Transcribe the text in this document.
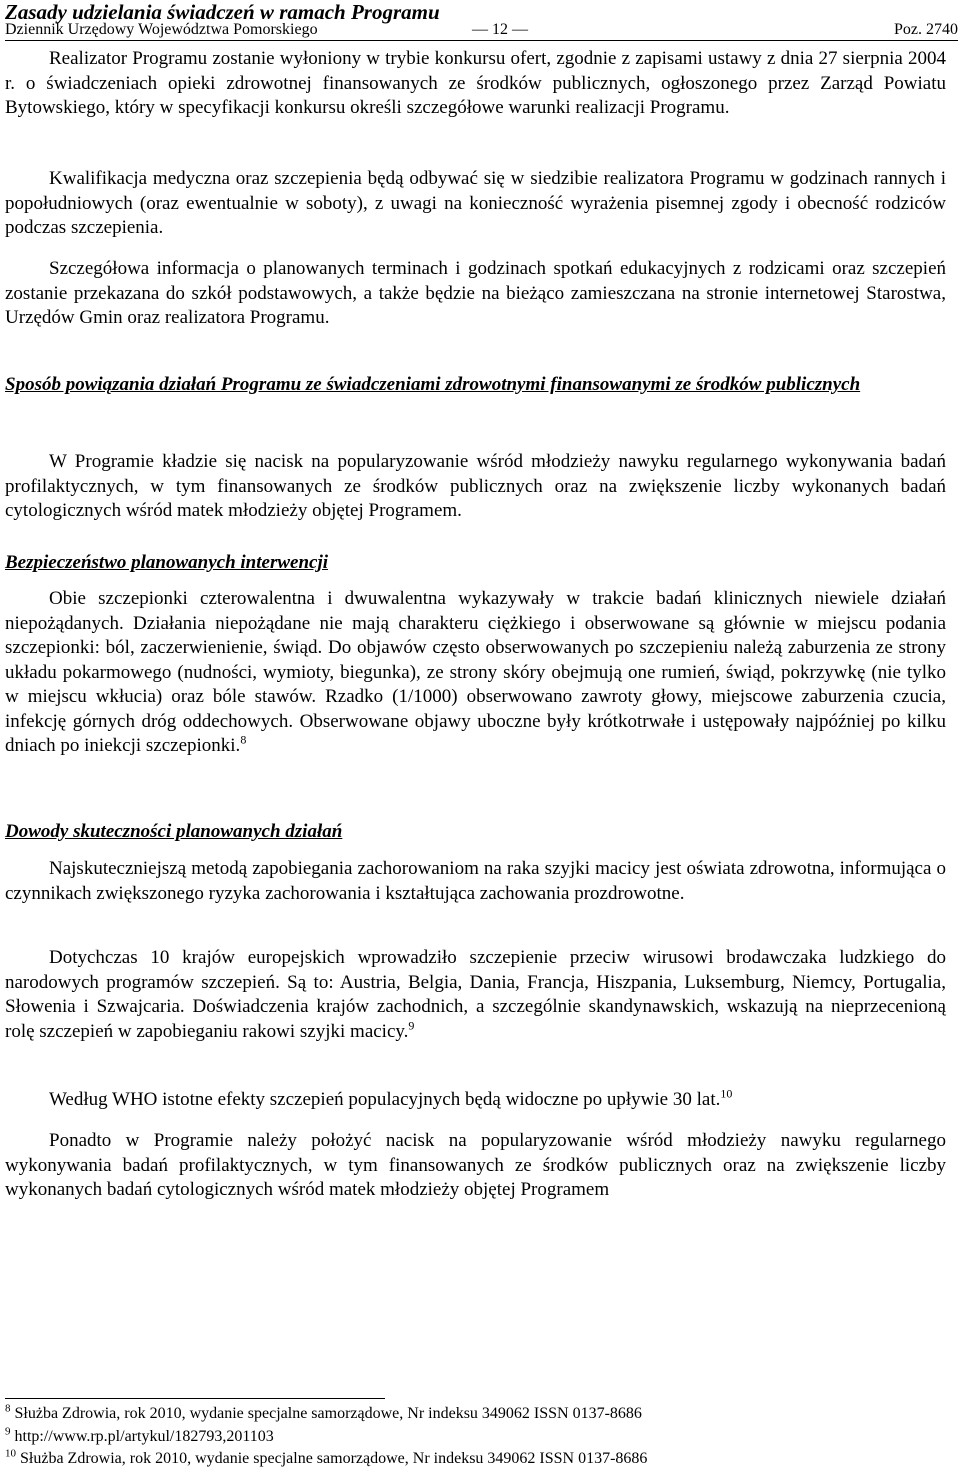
Zasady udzielania świadczeń w ramach Programu
Dziennik Urzędowy Województwa Pomorskiego	— 12 —	Poz. 2740

Realizator Programu zostanie wyłoniony w trybie konkursu ofert, zgodnie z zapisami ustawy z dnia 27 sierpnia 2004 r. o świadczeniach opieki zdrowotnej finansowanych ze środków publicznych, ogłoszonego przez Zarząd Powiatu Bytowskiego, który w specyfikacji konkursu określi szczegółowe warunki realizacji Programu.

Kwalifikacja medyczna oraz szczepienia będą odbywać się w siedzibie realizatora Programu w godzinach rannych i popołudniowych (oraz ewentualnie w soboty), z uwagi na konieczność wyrażenia pisemnej zgody i obecność rodziców podczas szczepienia.

Szczegółowa informacja o planowanych terminach i godzinach spotkań edukacyjnych z rodzicami oraz szczepień zostanie przekazana do szkół podstawowych, a także będzie na bieżąco zamieszczana na stronie internetowej Starostwa, Urzędów Gmin oraz realizatora Programu.

Sposób powiązania działań Programu ze świadczeniami zdrowotnymi finansowanymi ze środków publicznych

W Programie kładzie się nacisk na popularyzowanie wśród młodzieży nawyku regularnego wykonywania badań profilaktycznych, w tym finansowanych ze środków publicznych oraz na zwiększenie liczby wykonanych badań cytologicznych wśród matek młodzieży objętej Programem.

Bezpieczeństwo planowanych interwencji

Obie szczepionki czterowalentna i dwuwalentna wykazywały w trakcie badań klinicznych niewiele działań niepożądanych. Działania niepożądane nie mają charakteru ciężkiego i obserwowane są głównie w miejscu podania szczepionki: ból, zaczerwienienie, świąd. Do objawów często obserwowanych po szczepieniu należą zaburzenia ze strony układu pokarmowego (nudności, wymioty, biegunka), ze strony skóry obejmują one rumień, świąd, pokrzywkę (nie tylko w miejscu wkłucia) oraz bóle stawów. Rzadko (1/1000) obserwowano zawroty głowy, miejscowe zaburzenia czucia, infekcję górnych dróg oddechowych. Obserwowane objawy uboczne były krótkotrwałe i ustępowały najpóźniej po kilku dniach po iniekcji szczepionki.$^8$

Dowody skuteczności planowanych działań

Najskuteczniejszą metodą zapobiegania zachorowaniom na raka szyjki macicy jest oświata zdrowotna, informująca o czynnikach zwiększonego ryzyka zachorowania i kształtująca zachowania prozdrowotne.

Dotychczas 10 krajów europejskich wprowadziło szczepienie przeciw wirusowi brodawczaka ludzkiego do narodowych programów szczepień. Są to: Austria, Belgia, Dania, Francja, Hiszpania, Luksemburg, Niemcy, Portugalia, Słowenia i Szwajcaria. Doświadczenia krajów zachodnich, a szczególnie skandynawskich, wskazują na nieprzecenioną rolę szczepień w zapobieganiu rakowi szyjki macicy.$^9$

Według WHO istotne efekty szczepień populacyjnych będą widoczne po upływie 30 lat.$^{10}$

Ponadto w Programie należy położyć nacisk na popularyzowanie wśród młodzieży nawyku regularnego wykonywania badań profilaktycznych, w tym finansowanych ze środków publicznych oraz na zwiększenie liczby wykonanych badań cytologicznych wśród matek młodzieży objętej Programem

$^8$ Służba Zdrowia, rok 2010, wydanie specjalne samorządowe, Nr indeksu 349062 ISSN 0137-8686
$^9$ http://www.rp.pl/artykul/182793,201103
$^{10}$ Służba Zdrowia, rok 2010, wydanie specjalne samorządowe, Nr indeksu 349062 ISSN 0137-8686
